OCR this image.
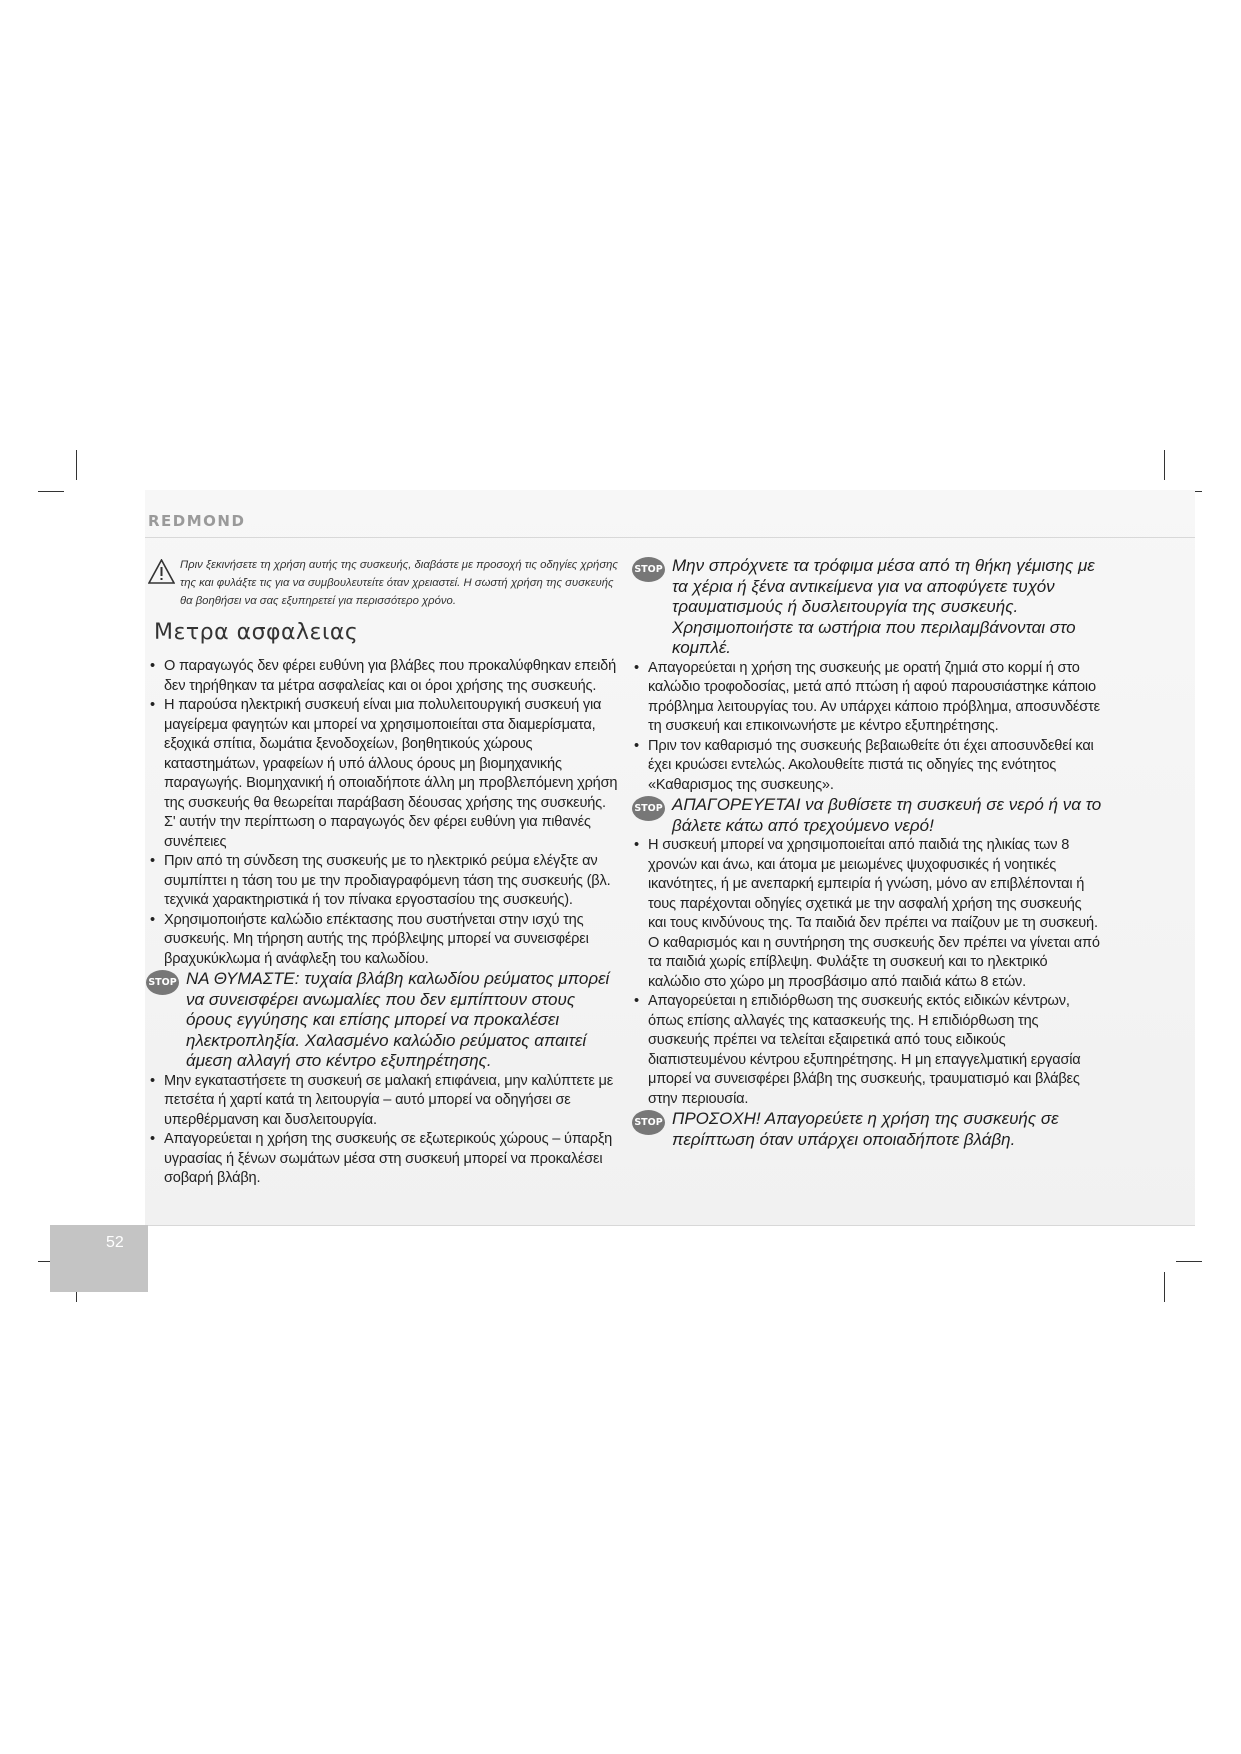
REDMOND
52
Πριν ξεκινήσετε τη χρήση αυτής της συσκευής, διαβάστε με προσοχή τις οδηγίες χρήσης της και φυλάξτε τις για να συμβουλευτείτε όταν χρειαστεί. Η σωστή χρήση της συσκευής θα βοηθήσει να σας εξυπηρετεί για περισσότερο χρόνο.
Μετρα ασφαλειας
• Ο παραγωγός δεν φέρει ευθύνη για βλάβες που προκαλύφθηκαν επειδή δεν τηρήθηκαν τα μέτρα ασφαλείας και οι όροι χρήσης της συσκευής.
• Η παρούσα ηλεκτρική συσκευή είναι μια πολυλειτουργική συσκευή για μαγείρεμα φαγητών και μπορεί να χρησιμοποιείται στα διαμερίσματα, εξοχικά σπίτια, δωμάτια ξενοδοχείων, βοηθητικούς χώρους καταστημάτων, γραφείων ή υπό άλλους όρους μη βιομηχανικής παραγωγής. Βιομηχανική ή οποιαδήποτε άλλη μη προβλεπόμενη χρήση της συσκευής θα θεωρείται παράβαση δέουσας χρήσης της συσκευής. Σ' αυτήν την περίπτωση ο παραγωγός δεν φέρει ευθύνη για πιθανές συνέπειες
• Πριν από τη σύνδεση της συσκευής με το ηλεκτρικό ρεύμα ελέγξτε αν συμπίπτει η τάση του με την προδιαγραφόμενη τάση της συσκευής (βλ. τεχνικά χαρακτηριστικά ή τον πίνακα εργοστασίου της συσκευής).
• Χρησιμοποιήστε καλώδιο επέκτασης που συστήνεται στην ισχύ της συσκευής. Μη τήρηση αυτής της πρόβλεψης μπορεί να συνεισφέρει βραχυκύκλωμα ή ανάφλεξη του καλωδίου.
STOP ΝΑ ΘΥΜΑΣΤΕ: τυχαία βλάβη καλωδίου ρεύματος μπορεί να συνεισφέρει ανωμαλίες που δεν εμπίπτουν στους όρους εγγύησης και επίσης μπορεί να προκαλέσει ηλεκτροπληξία. Χαλασμένο καλώδιο ρεύματος απαιτεί άμεση αλλαγή στο κέντρο εξυπηρέτησης.
• Μην εγκαταστήσετε τη συσκευή σε μαλακή επιφάνεια, μην καλύπτετε με πετσέτα ή χαρτί κατά τη λειτουργία – αυτό μπορεί να οδηγήσει σε υπερθέρμανση και δυσλειτουργία.
• Απαγορεύεται η χρήση της συσκευής σε εξωτερικούς χώρους – ύπαρξη υγρασίας ή ξένων σωμάτων μέσα στη συσκευή μπορεί να προκαλέσει σοβαρή βλάβη.
STOP Μην σπρόχνετε τα τρόφιμα μέσα από τη θήκη γέμισης με τα χέρια ή ξένα αντικείμενα για να αποφύγετε τυχόν τραυματισμούς ή δυσλειτουργία της συσκευής. Χρησιμοποιήστε τα ωστήρια που περιλαμβάνονται στο κομπλέ.
• Απαγορεύεται η χρήση της συσκευής με ορατή ζημιά στο κορμί ή στο καλώδιο τροφοδοσίας, μετά από πτώση ή αφού παρουσιάστηκε κάποιο πρόβλημα λειτουργίας του. Αν υπάρχει κάποιο πρόβλημα, αποσυνδέστε τη συσκευή και επικοινωνήστε με κέντρο εξυπηρέτησης.
• Πριν τον καθαρισμό της συσκευής βεβαιωθείτε ότι έχει αποσυνδεθεί και έχει κρυώσει εντελώς. Ακολουθείτε πιστά τις οδηγίες της ενότητος «Καθαρισμος της συσκευης».
STOP ΑΠΑΓΟΡΕΥΕΤΑΙ να βυθίσετε τη συσκευή σε νερό ή να το βάλετε κάτω από τρεχούμενο νερό!
• Η συσκευή μπορεί να χρησιμοποιείται από παιδιά της ηλικίας των 8 χρονών και άνω, και άτομα με μειωμένες ψυχοφυσικές ή νοητικές ικανότητες, ή με ανεπαρκή εμπειρία ή γνώση, μόνο αν επιβλέπονται ή τους παρέχονται οδηγίες σχετικά με την ασφαλή χρήση της συσκευής και τους κινδύνους της. Τα παιδιά δεν πρέπει να παίζουν με τη συσκευή. Ο καθαρισμός και η συντήρηση της συσκευής δεν πρέπει να γίνεται από τα παιδιά χωρίς επίβλεψη. Φυλάξτε τη συσκευή και το ηλεκτρικό καλώδιο στο χώρο μη προσβάσιμο από παιδιά κάτω 8 ετών.
• Απαγορεύεται η επιδιόρθωση της συσκευής εκτός ειδικών κέντρων, όπως επίσης αλλαγές της κατασκευής της. Η επιδιόρθωση της συσκευής πρέπει να τελείται εξαιρετικά από τους ειδικούς διαπιστευμένου κέντρου εξυπηρέτησης. Η μη επαγγελματική εργασία μπορεί να συνεισφέρει βλάβη της συσκευής, τραυματισμό και βλάβες στην περιουσία.
STOP ΠΡΟΣΟΧΗ! Απαγορεύετε η χρήση της συσκευής σε περίπτωση όταν υπάρχει οποιαδήποτε βλάβη.
